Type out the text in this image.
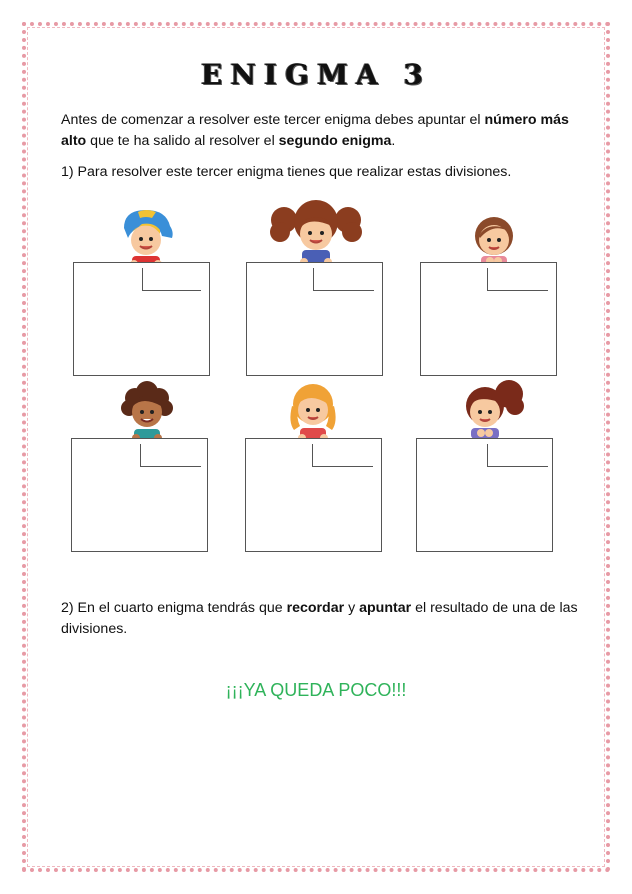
ENIGMA 3
Antes de comenzar a resolver este tercer enigma debes apuntar el número más alto que te ha salido al resolver el segundo enigma.
1) Para resolver este tercer enigma tienes que realizar estas divisiones.
2) En el cuarto enigma tendrás que recordar y apuntar el resultado de una de las divisiones.
¡¡¡YA QUEDA POCO!!!
